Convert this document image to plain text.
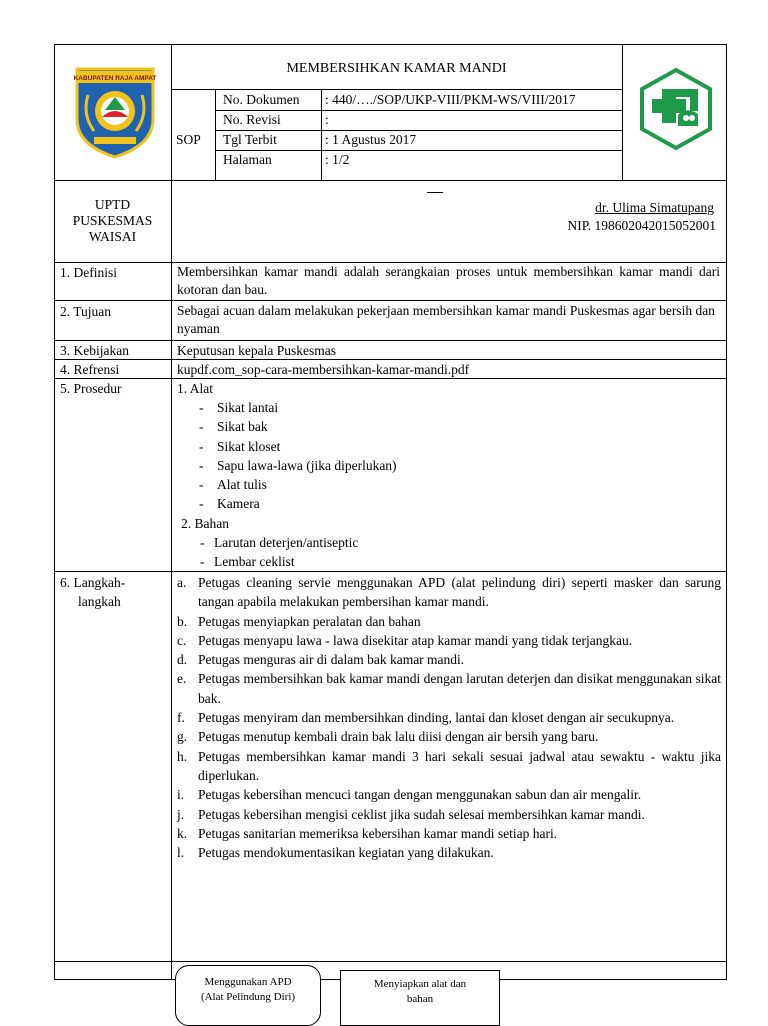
KABUPATEN RAJA AMPAT
MEMBERSIHKAN KAMAR MANDI
SOP
No. Dokumen : 440/…./SOP/UKP-VIII/PKM-WS/VIII/2017
No. Revisi	:
Tgl Terbit	: 1 Agustus 2017
Halaman	: 1/2
UPTD
PUSKESMAS
WAISAI
dr. Ulima Simatupang
NIP. 198602042015052001
1. Definisi	Membersihkan kamar mandi adalah serangkaian proses untuk membersihkan kamar mandi dari kotoran dan bau.
2. Tujuan	Sebagai acuan dalam melakukan pekerjaan membersihkan kamar mandi Puskesmas agar bersih dan nyaman
3. Kebijakan	Keputusan kepala Puskesmas
4. Refrensi	kupdf.com_sop-cara-membersihkan-kamar-mandi.pdf
5. Prosedur	1. Alat
- Sikat lantai
- Sikat bak
- Sikat kloset
- Sapu lawa-lawa (jika diperlukan)
- Alat tulis
- Kamera
2. Bahan
- Larutan deterjen/antiseptic
- Lembar ceklist
6. Langkah-
langkah
a. Petugas cleaning servie menggunakan APD (alat pelindung diri) seperti masker dan sarung tangan apabila melakukan pembersihan kamar mandi.
b. Petugas menyiapkan peralatan dan bahan
c. Petugas menyapu lawa - lawa disekitar atap kamar mandi yang tidak terjangkau.
d. Petugas menguras air di dalam bak kamar mandi.
e. Petugas membersihkan bak kamar mandi dengan larutan deterjen dan disikat menggunakan sikat bak.
f. Petugas menyiram dan membersihkan dinding, lantai dan kloset dengan air secukupnya.
g. Petugas menutup kembali drain bak lalu diisi dengan air bersih yang baru.
h. Petugas membersihkan kamar mandi 3 hari sekali sesuai jadwal atau sewaktu - waktu jika diperlukan.
i.	Petugas kebersihan mencuci tangan dengan menggunakan sabun dan air mengalir.
j.	Petugas kebersihan mengisi ceklist jika sudah selesai membersihkan kamar mandi.
k. Petugas sanitarian memeriksa kebersihan kamar mandi setiap hari.
l.	Petugas mendokumentasikan kegiatan yang dilakukan.
Menggunakan APD
(Alat Pelindung Diri)
Menyiapkan alat dan
bahan
